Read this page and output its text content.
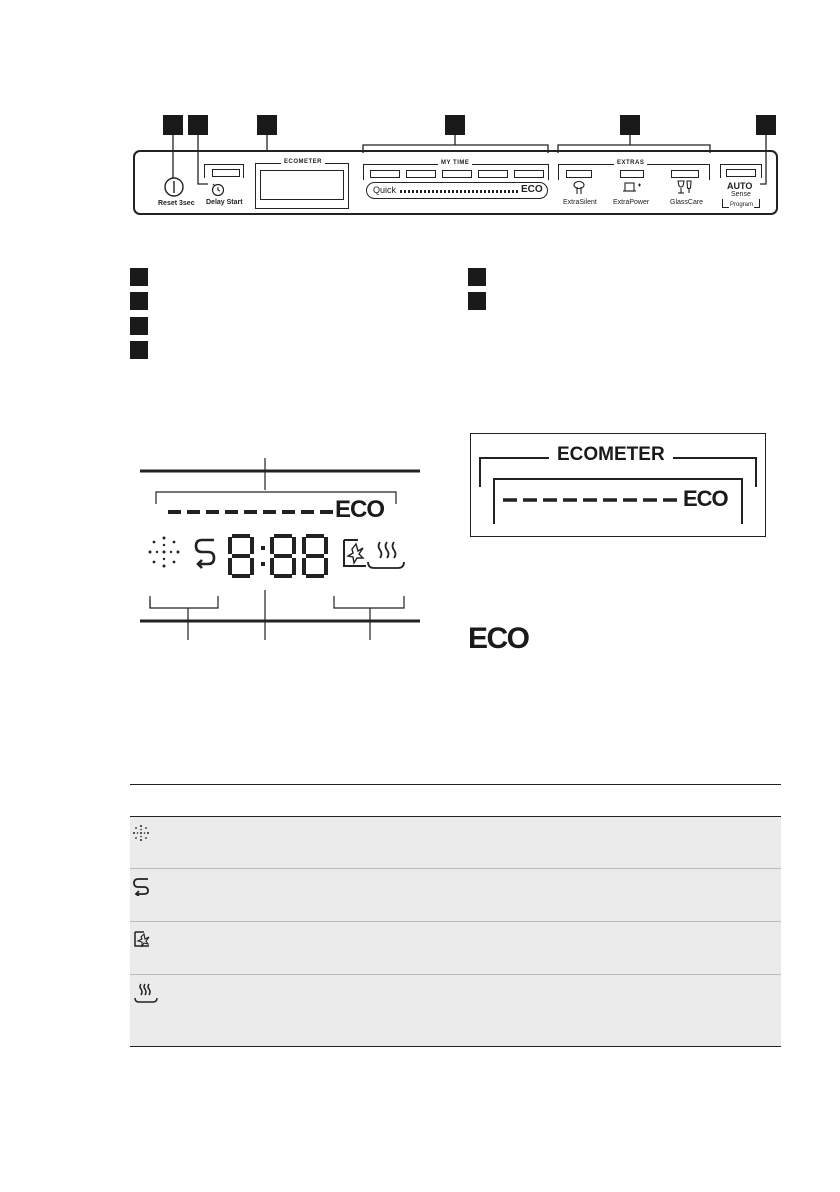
Reset 3sec Delay Start
ECOMETER	MY TIME
Quick	ECO
EXTRAS
ExtraSilent ExtraPower	GlassCare
AUTO
Sense
Program
ECO
ECOMETER
ECO
ECO
